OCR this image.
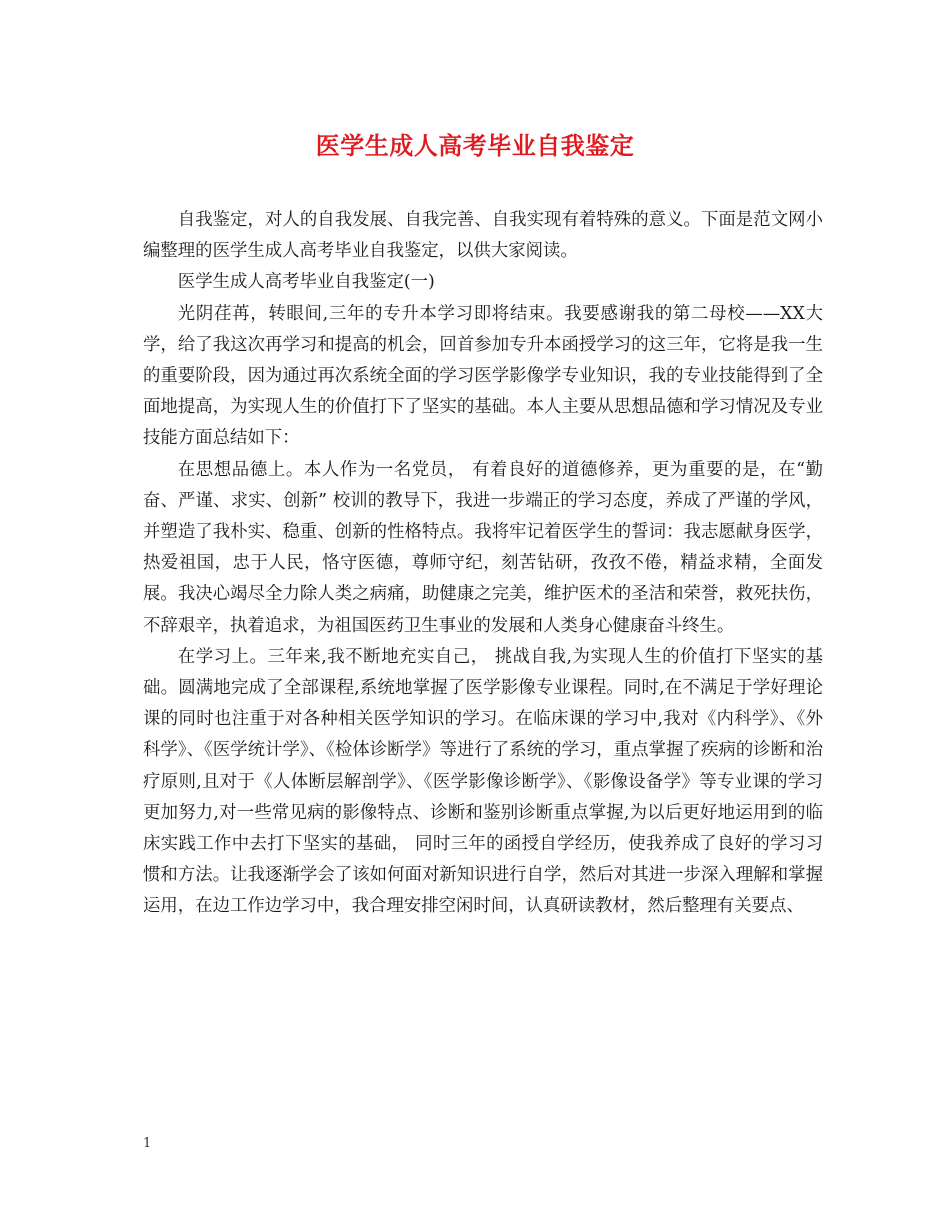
医学生成人高考毕业自我鉴定

自我鉴定，对人的自我发展、自我完善、自我实现有着特殊的意义。下面是范文网小编整理的医学生成人高考毕业自我鉴定，以供大家阅读。

医学生成人高考毕业自我鉴定(一)

光阴荏苒，转眼间,三年的专升本学习即将结束。我要感谢我的第二母校——XX大学，给了我这次再学习和提高的机会，回首参加专升本函授学习的这三年，它将是我一生的重要阶段，因为通过再次系统全面的学习医学影像学专业知识，我的专业技能得到了全面地提高，为实现人生的价值打下了坚实的基础。本人主要从思想品德和学习情况及专业技能方面总结如下：

在思想品德上。本人作为一名党员， 有着良好的道德修养，更为重要的是，在“勤奋、严谨、求实、创新” 校训的教导下，我进一步端正的学习态度，养成了严谨的学风，并塑造了我朴实、稳重、创新的性格特点。我将牢记着医学生的誓词：我志愿献身医学，热爱祖国，忠于人民，恪守医德，尊师守纪，刻苦钻研，孜孜不倦，精益求精，全面发展。我决心竭尽全力除人类之病痛，助健康之完美，维护医术的圣洁和荣誉，救死扶伤，不辞艰辛，执着追求，为祖国医药卫生事业的发展和人类身心健康奋斗终生。

在学习上。三年来,我不断地充实自己， 挑战自我,为实现人生的价值打下坚实的基础。圆满地完成了全部课程,系统地掌握了医学影像专业课程。同时,在不满足于学好理论课的同时也注重于对各种相关医学知识的学习。在临床课的学习中,我对《内科学》、《外科学》、《医学统计学》、《检体诊断学》等进行了系统的学习，重点掌握了疾病的诊断和治疗原则,且对于《人体断层解剖学》、《医学影像诊断学》、《影像设备学》等专业课的学习更加努力,对一些常见病的影像特点、诊断和鉴别诊断重点掌握,为以后更好地运用到的临床实践工作中去打下坚实的基础， 同时三年的函授自学经历，使我养成了良好的学习习惯和方法。让我逐渐学会了该如何面对新知识进行自学，然后对其进一步深入理解和掌握运用，在边工作边学习中，我合理安排空闲时间，认真研读教材，然后整理有关要点、

1
